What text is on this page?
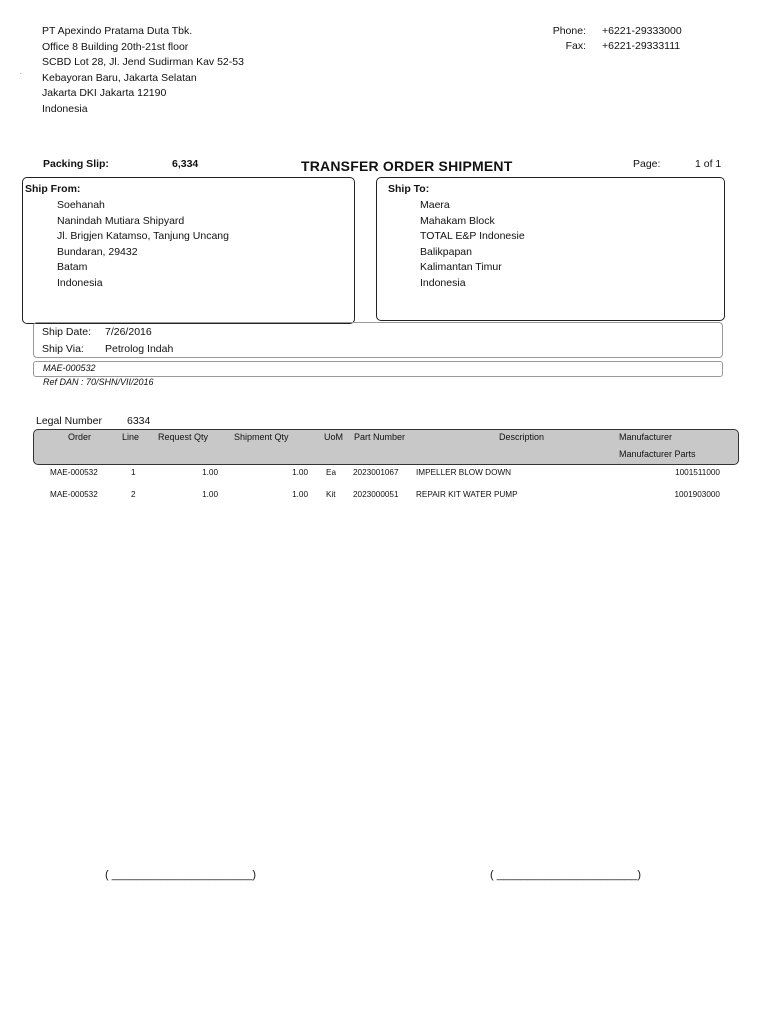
PT Apexindo Pratama Duta Tbk.
Office 8 Building 20th-21st floor
SCBD Lot 28, Jl. Jend Sudirman Kav 52-53
Kebayoran Baru, Jakarta Selatan
Jakarta DKI Jakarta 12190
Indonesia
.
Phone: +6221-29333000
Fax: +6221-29333111
Packing Slip:	6,334	TRANSFER ORDER SHIPMENT	Page:	1 of 1
Ship From:
Soehanah
Nanindah Mutiara Shipyard
Jl. Brigjen Katamso, Tanjung Uncang
Bundaran, 29432
Batam
Indonesia
Ship To:
Maera
Mahakam Block
TOTAL E&P Indonesie
Balikpapan
Kalimantan Timur
Indonesia
Ship Date: 7/26/2016
Ship Via: Petrolog Indah
MAE-000532
Ref DAN : 70/SHN/VII/2016
Legal Number 6334
Order	Line Request Qty	Shipment Qty	UoM Part Number	Description	Manufacturer
Manufacturer Parts
MAE-000532	1	1.00	1.00 Ea 2023001067 IMPELLER BLOW DOWN	1001511000
MAE-000532	2	1.00	1.00 Kit 2023000051 REPAIR KIT WATER PUMP	1001903000
( _______________________)	( _______________________)
